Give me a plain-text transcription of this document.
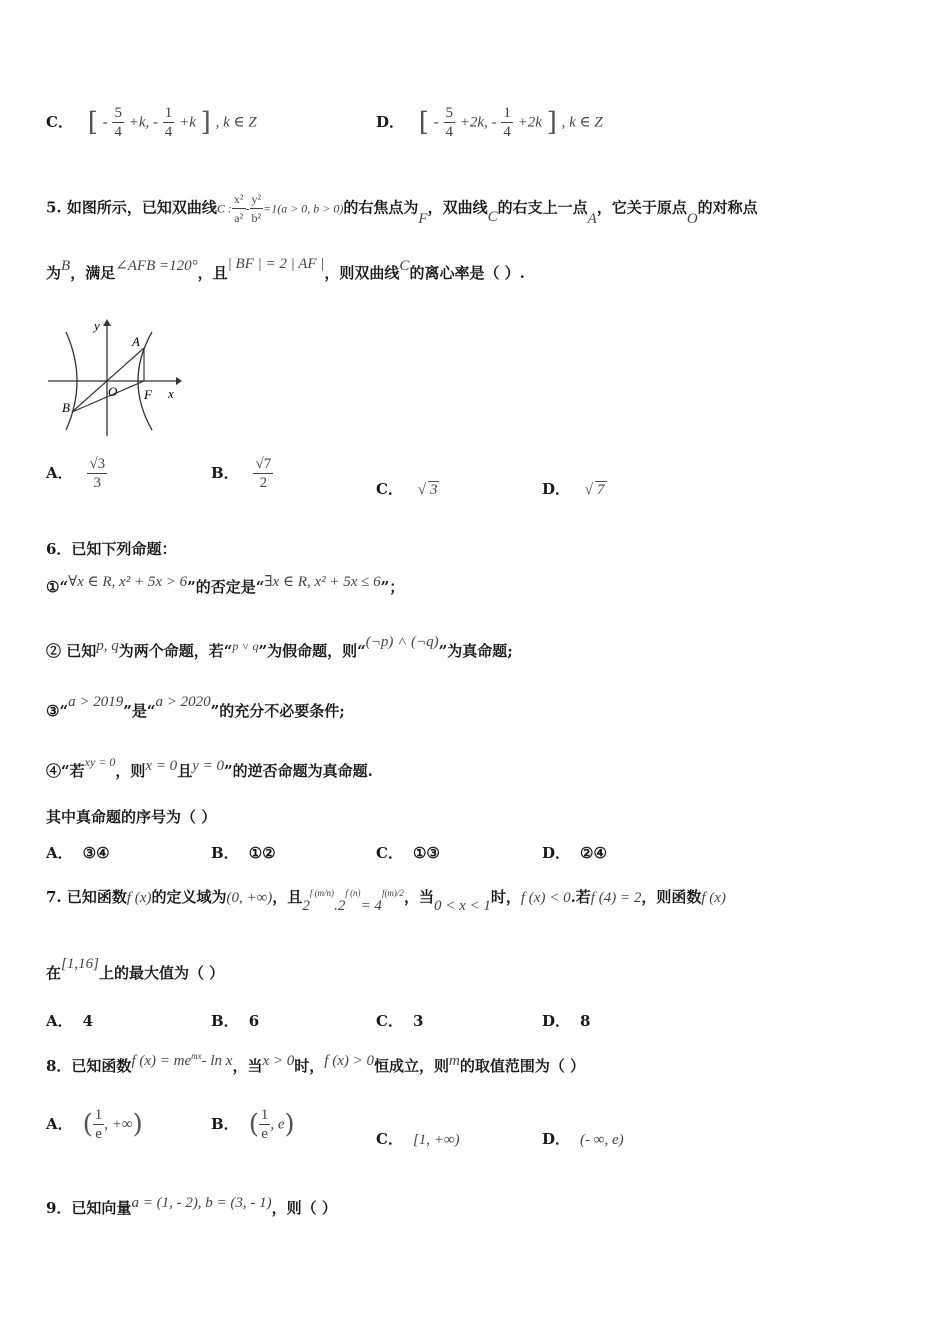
C． [ - $\frac{5}{4} +k$, - $\frac{1}{4} +k$ ] , k ∈ Z	D． [ - $\frac{5}{4} +2k$, - $\frac{1}{4} +2k$ ] , k ∈ Z
5. 如图所示，已知双曲线C : $\frac{\text{x²}}{\text{a²}} - \frac{\text{y²}}{\text{b²}} =1(a > 0$, b > 0)的右焦点为F，双曲线C的右支上一点A，它关于原点O的对称点
为B，满足∠AFB =120°，且| BF | = 2 | AF |，则双曲线C的离心率是（ ）.
y
x
A
B
O F
A． $\frac{√3}{3}$	B． $\frac{√7}{2}$	C． √ 3	D． √ 7
6．已知下列命题：
①“∀x ∈ R, x² + 5x > 6”的否定是“∃x ∈ R, x² + 5x ≤ 6”；
② 已知p, q为两个命题，若“$^{p ˅ q}$”为假命题，则“(¬p) ˄ (¬q)”为真命题;
③“a > 2019”是“a > 2020”的充分不必要条件;
④“若$^{xy = 0}$，则x = 0且y = 0”的逆否命题为真命题.
其中真命题的序号为（ ）
A． ③④	B． ①②	C． ①③	D． ②④
7. 已知函数f (x)的定义域为(0, +∞)，且$2^{f (m/n)}.2^{f (n)}= 4^{f(m)/2}$，当0 < x < 1时，f (x) < 0.若f (4) = 2，则函数f (x)
在[1,16]上的最大值为（ ）
A． 4	B． 6	C． 3	D． 8
8．已知函数f $(x) = me^{mx}-$ ln x，当x > 0时，f (x) > 0恒成立，则m的取值范围为（ ）
A． ( $\frac{1}{e}$ , +∞)	B． ( $\frac{1}{e}$ , e)	C． [1, +∞)	D． (- ∞, e)
9．已知向量a = (1, - 2), b = (3, - 1)，则（ ）
